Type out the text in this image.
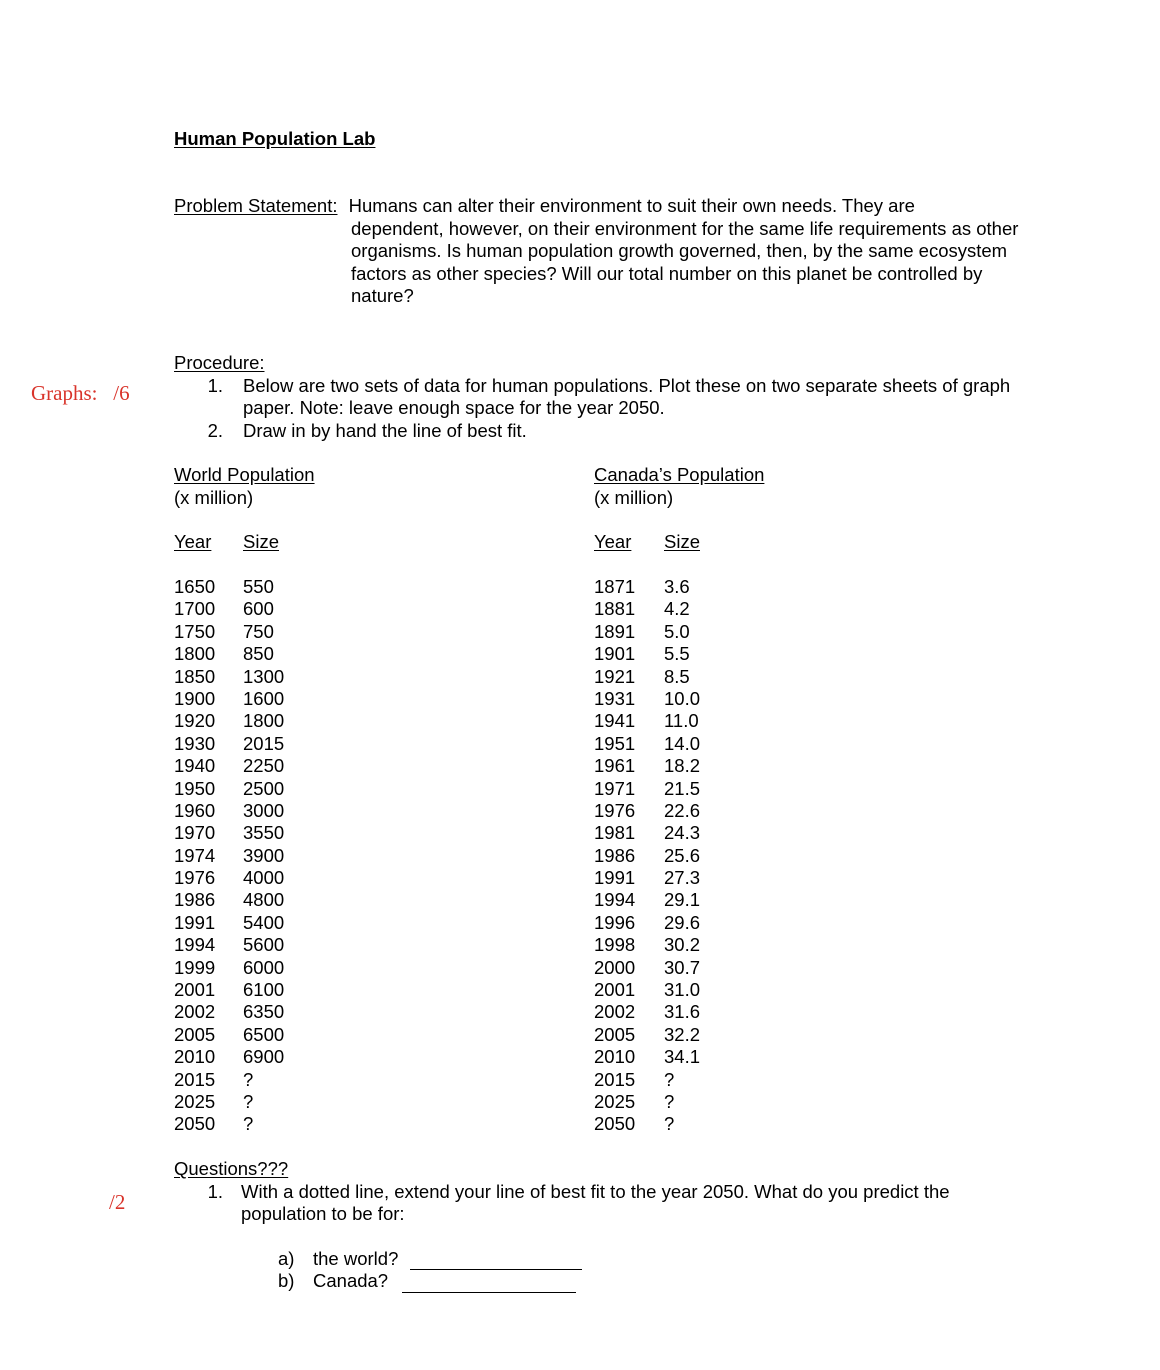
Human Population Lab
Problem Statement: Humans can alter their environment to suit their own needs. They are
dependent, however, on their environment for the same life requirements as other organisms. Is human population growth governed, then, by the same ecosystem factors as other species? Will our total number on this planet be controlled by nature?
Graphs:   /6
/2
Procedure:
1. Below are two sets of data for human populations. Plot these on two separate sheets of graph paper. Note: leave enough space for the year 2050.
2. Draw in by hand the line of best fit.
World Population
(x million)
Year Size
Canada’s Population
(x million)
Year Size
1650 550
1700 600
1750 750
1800 850
1850 1300
1900 1600
1920 1800
1930 2015
1940 2250
1950 2500
1960 3000
1970 3550
1974 3900
1976 4000
1986 4800
1991 5400
1994 5600
1999 6000
2001 6100
2002 6350
2005 6500
2010 6900
2015 ?
2025 ?
2050 ?
1871 3.6
1881 4.2
1891 5.0
1901 5.5
1921 8.5
1931 10.0
1941 11.0
1951 14.0
1961 18.2
1971 21.5
1976 22.6
1981 24.3
1986 25.6
1991 27.3
1994 29.1
1996 29.6
1998 30.2
2000 30.7
2001 31.0
2002 31.6
2005 32.2
2010 34.1
2015 ?
2025 ?
2050 ?
Questions???
1. With a dotted line, extend your line of best fit to the year 2050. What do you predict the population to be for:
a) the world?
b) Canada?
